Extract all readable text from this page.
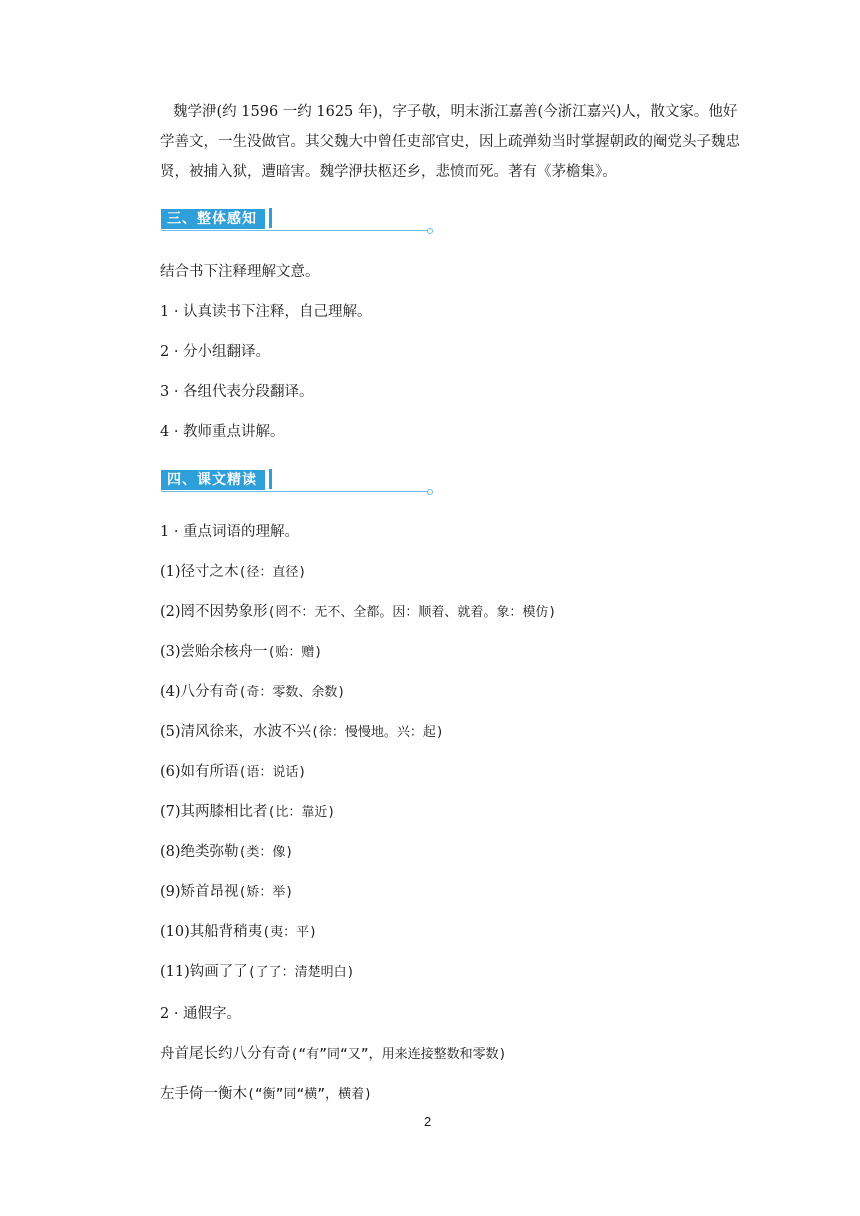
魏学洢(约 1596 一约 1625 年)，字子敬，明末浙江嘉善(今浙江嘉兴)人，散文家。他好
学善文，一生没做官。其父魏大中曾任吏部官史，因上疏弹劾当时掌握朝政的阉党头子魏忠
贤，被捕入狱，遭暗害。魏学洢扶柩还乡，悲愤而死。著有《茅檐集》。
三、整体感知
结合书下注释理解文意。
1 · 认真读书下注释，自己理解。
2 · 分小组翻译。
3 · 各组代表分段翻译。
4 · 教师重点讲解。
四、课文精读
1 · 重点词语的理解。
(1)径寸之木(径：直径)
(2)罔不因势象形(罔不：无不、全都。因：顺着、就着。象：模仿)
(3)尝贻余核舟一(贻：赠)
(4)八分有奇(奇：零数、余数)
(5)清风徐来，水波不兴(徐：慢慢地。兴：起)
(6)如有所语(语：说话)
(7)其两膝相比者(比：靠近)
(8)绝类弥勒(类：像)
(9)矫首昂视(矫：举)
(10)其船背稍夷(夷：平)
(11)钩画了了(了了：清楚明白)
2 · 通假字。
舟首尾长约八分有奇(“有”同“又”，用来连接整数和零数)
左手倚一衡木(“衡”同“横”，横着)
2
